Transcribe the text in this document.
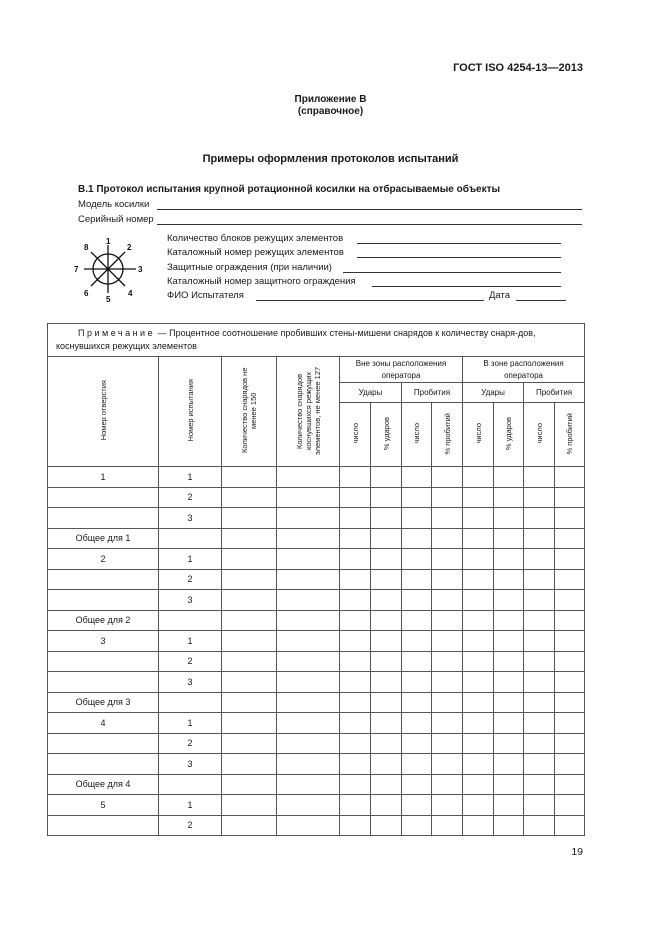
ГОСТ ISO 4254-13—2013
Приложение В
(справочное)
Примеры оформления протоколов испытаний
В.1 Протокол испытания крупной ротационной косилки на отбрасываемые объекты
Модель косилки
Серийный номер
1
2
3
4
5
6
7
8
Количество блоков режущих элементов
Каталожный номер режущих элементов
Защитные ограждения (при наличии)
Каталожный номер защитного ограждения
ФИО Испытателя	Дата
Примечание — Процентное соотношение пробивших стены-мишени снарядов к количеству снаря-дов, коснувшихся режущих элементов											
Номер отверстия	Номер испытания	Количество снарядов не менее 150	Количество снарядов коснувшихся режущих элементов, не менее 127	Вне зоны расположения оператора				В зоне расположения оператора			
				Удары		Пробития		Удары		Пробития	
				число	% ударов	число	% пробитий	число	% ударов	число	% пробитий
1	1										
	2										
	3										
Общее для 1											
2	1										
	2										
	3										
Общее для 2											
3	1										
	2										
	3										
Общее для 3											
4	1										
	2										
	3										
Общее для 4											
5	1										
	2										
19
